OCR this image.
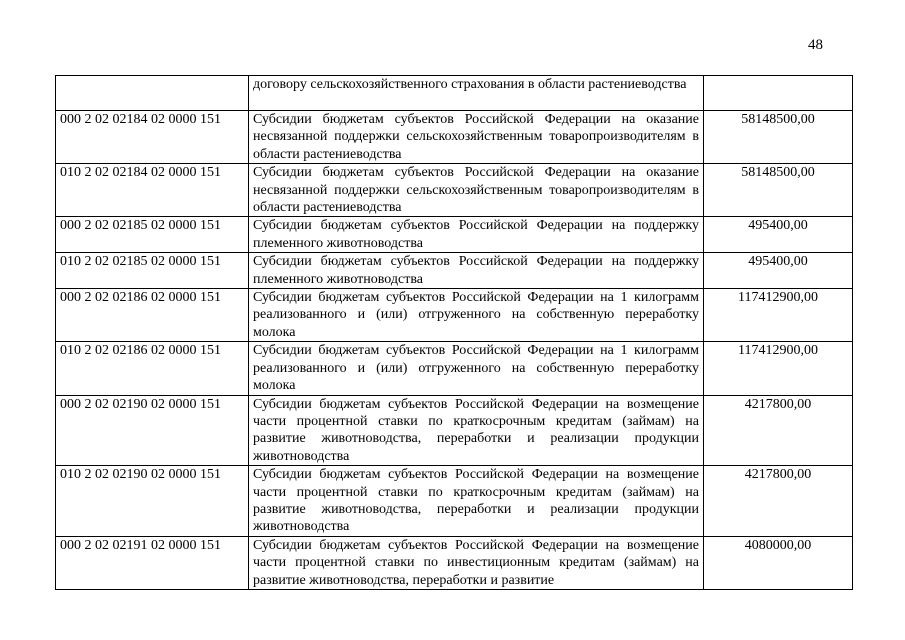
48
	договору сельскохозяйственного страхования в области растениеводства	
000 2 02 02184 02 0000 151	Субсидии бюджетам субъектов Российской Федерации на оказание несвязанной поддержки сельскохозяйственным товаропроизводителям в области растениеводства	58148500,00
010 2 02 02184 02 0000 151	Субсидии бюджетам субъектов Российской Федерации на оказание несвязанной поддержки сельскохозяйственным товаропроизводителям в области растениеводства	58148500,00
000 2 02 02185 02 0000 151	Субсидии бюджетам субъектов Российской Федерации на поддержку племенного животноводства	495400,00
010 2 02 02185 02 0000 151	Субсидии бюджетам субъектов Российской Федерации на поддержку племенного животноводства	495400,00
000 2 02 02186 02 0000 151	Субсидии бюджетам субъектов Российской Федерации на 1 килограмм реализованного и (или) отгруженного на собственную переработку молока	117412900,00
010 2 02 02186 02 0000 151	Субсидии бюджетам субъектов Российской Федерации на 1 килограмм реализованного и (или) отгруженного на собственную переработку молока	117412900,00
000 2 02 02190 02 0000 151	Субсидии бюджетам субъектов Российской Федерации на возмещение части процентной ставки по краткосрочным кредитам (займам) на развитие животноводства, переработки и реализации продукции животноводства	4217800,00
010 2 02 02190 02 0000 151	Субсидии бюджетам субъектов Российской Федерации на возмещение части процентной ставки по краткосрочным кредитам (займам) на развитие животноводства, переработки и реализации продукции животноводства	4217800,00
000 2 02 02191 02 0000 151	Субсидии бюджетам субъектов Российской Федерации на возмещение части процентной ставки по инвестиционным кредитам (займам) на развитие животноводства, переработки и развитие	4080000,00
